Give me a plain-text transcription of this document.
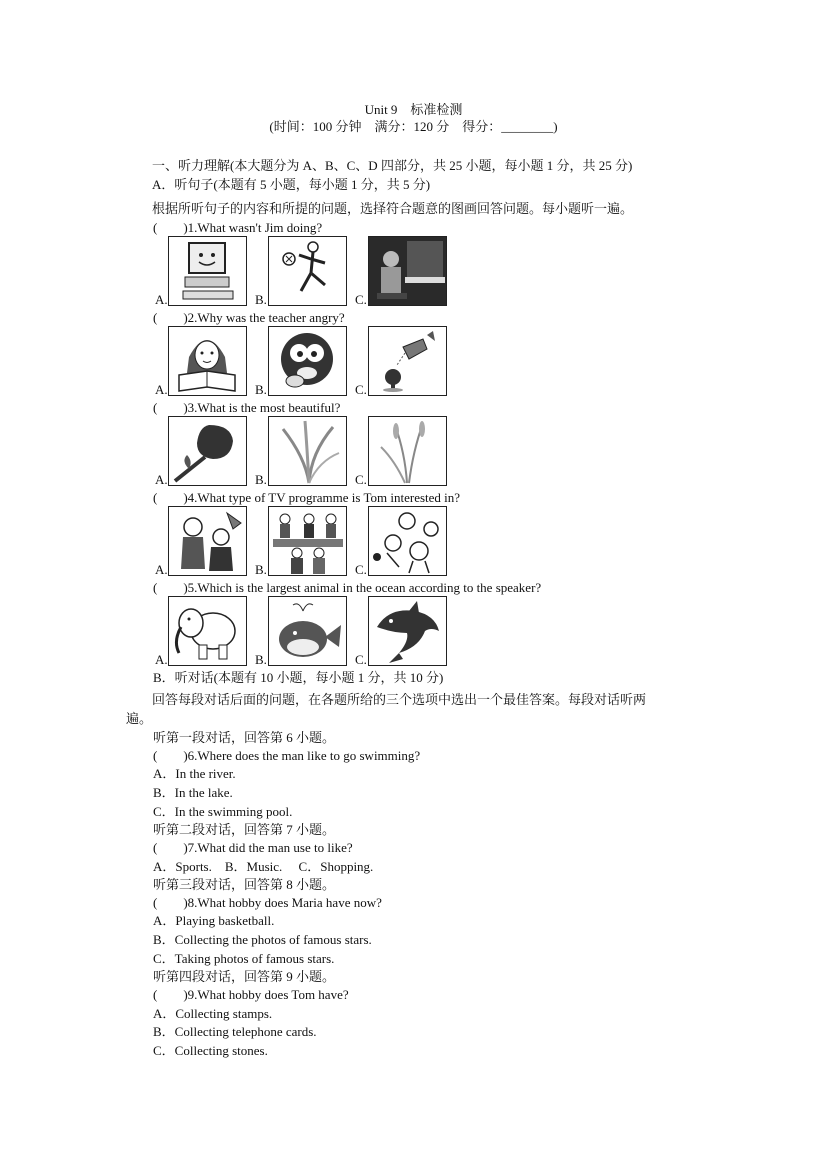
Unit 9　标准检测
(时间：100 分钟　满分：120 分　得分：________)
一、听力理解(本大题分为 A、B、C、D 四部分，共 25 小题，每小题 1 分，共 25 分)
A．听句子(本题有 5 小题，每小题 1 分，共 5 分)
根据所听句子的内容和所提的问题，选择符合题意的图画回答问题。每小题听一遍。
(　　)1.What wasn't Jim doing?
A.	B.	C.
(　　)2.Why was the teacher angry?
A.	B.	C.
(　　)3.What is the most beautiful?
A.	B.	C.
(　　)4.What type of TV programme is Tom interested in?
A.	B.	C.
(　　)5.Which is the largest animal in the ocean according to the speaker?
A.	B.	C.
B．听对话(本题有 10 小题，每小题 1 分，共 10 分)
回答每段对话后面的问题，在各题所给的三个选项中选出一个最佳答案。每段对话听两
遍。
听第一段对话，回答第 6 小题。
(　　)6.Where does the man like to go swimming?
A．In the river.
B．In the lake.
C．In the swimming pool.
听第二段对话，回答第 7 小题。
(　　)7.What did the man use to like?
A．Sports.　B．Music.　 C．Shopping.
听第三段对话，回答第 8 小题。
(　　)8.What hobby does Maria have now?
A．Playing basketball.
B．Collecting the photos of famous stars.
C．Taking photos of famous stars.
听第四段对话，回答第 9 小题。
(　　)9.What hobby does Tom have?
A．Collecting stamps.
B．Collecting telephone cards.
C．Collecting stones.
